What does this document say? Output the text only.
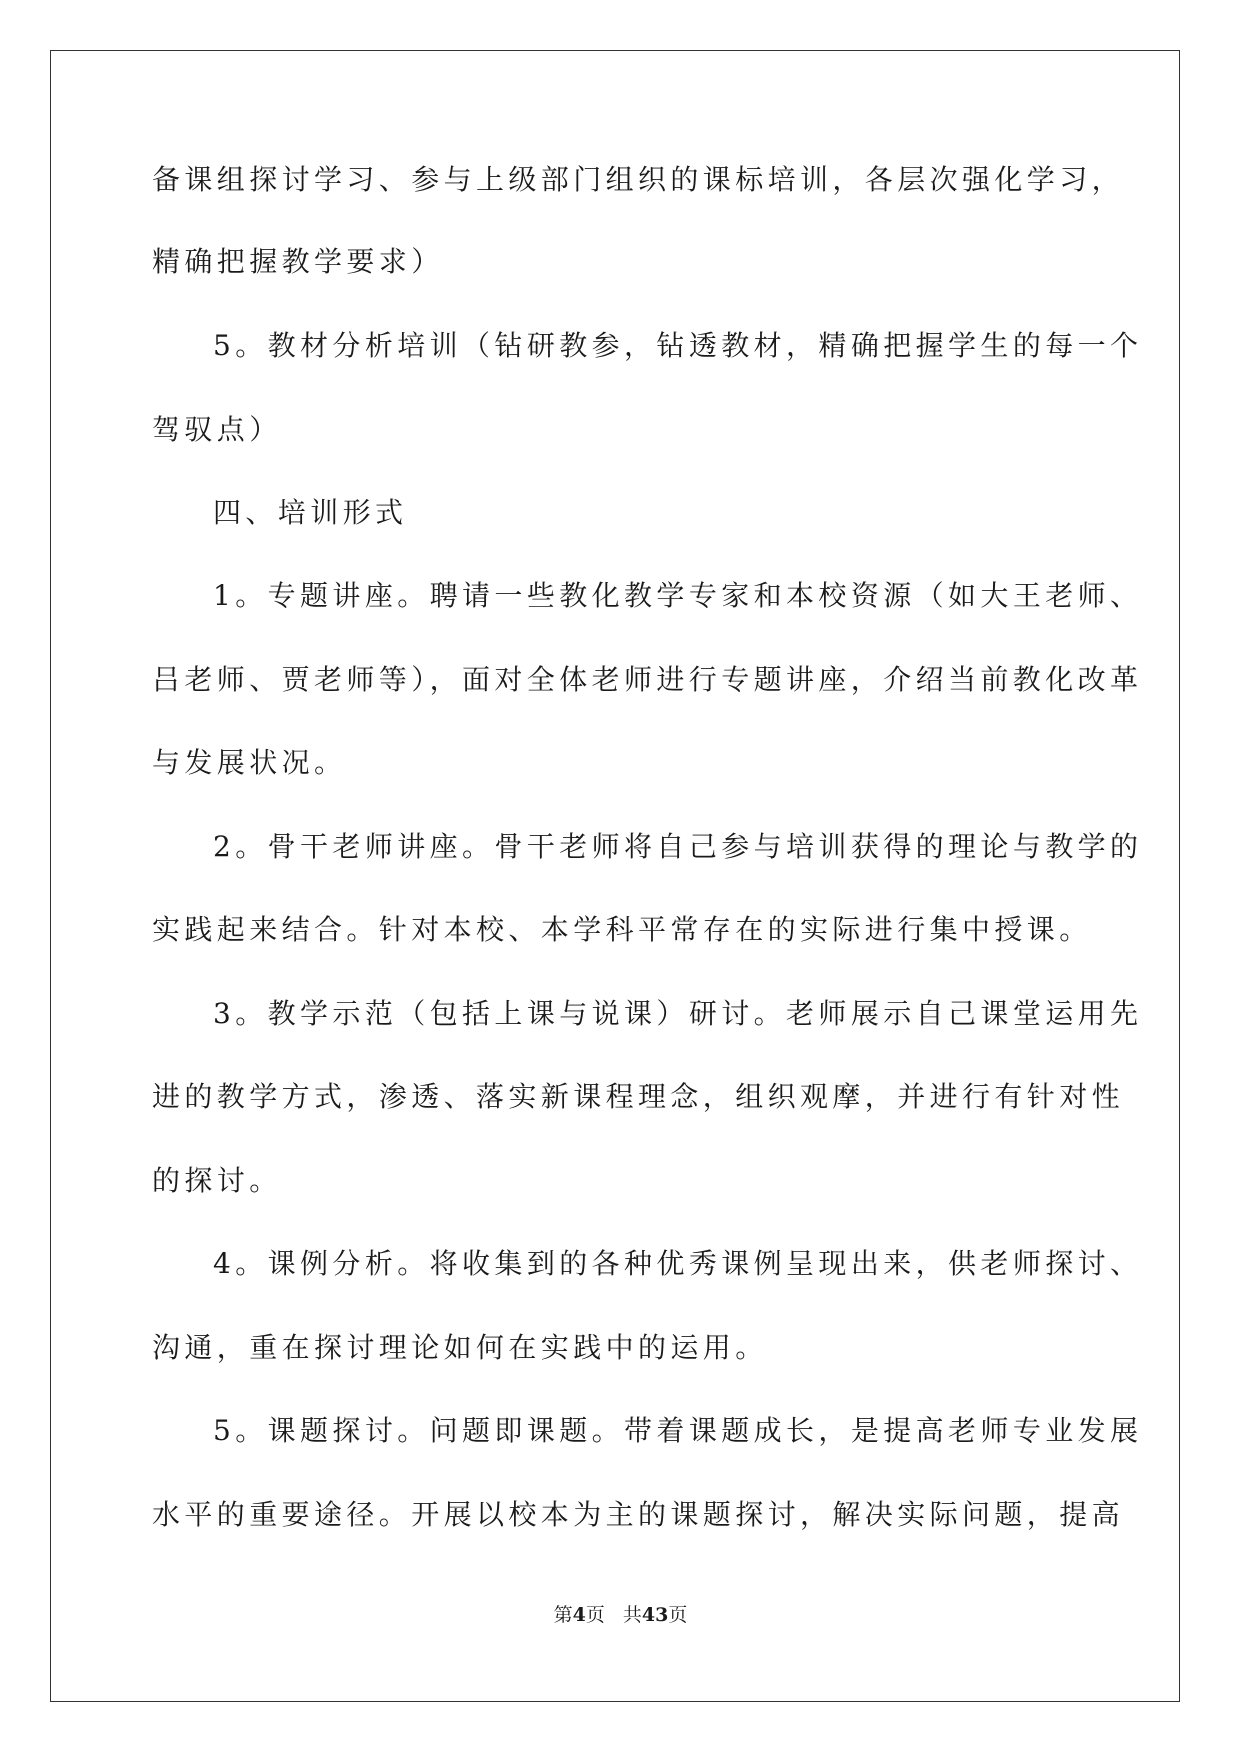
备课组探讨学习、参与上级部门组织的课标培训，各层次强化学习，
精确把握教学要求）
5。教材分析培训（钻研教参，钻透教材，精确把握学生的每一个
驾驭点）
四、培训形式
1。专题讲座。聘请一些教化教学专家和本校资源（如大王老师、
吕老师、贾老师等），面对全体老师进行专题讲座，介绍当前教化改革
与发展状况。
2。骨干老师讲座。骨干老师将自己参与培训获得的理论与教学的
实践起来结合。针对本校、本学科平常存在的实际进行集中授课。
3。教学示范（包括上课与说课）研讨。老师展示自己课堂运用先
进的教学方式，渗透、落实新课程理念，组织观摩，并进行有针对性
的探讨。
4。课例分析。将收集到的各种优秀课例呈现出来，供老师探讨、
沟通，重在探讨理论如何在实践中的运用。
5。课题探讨。问题即课题。带着课题成长，是提高老师专业发展
水平的重要途径。开展以校本为主的课题探讨，解决实际问题，提高
第4页 共43页
